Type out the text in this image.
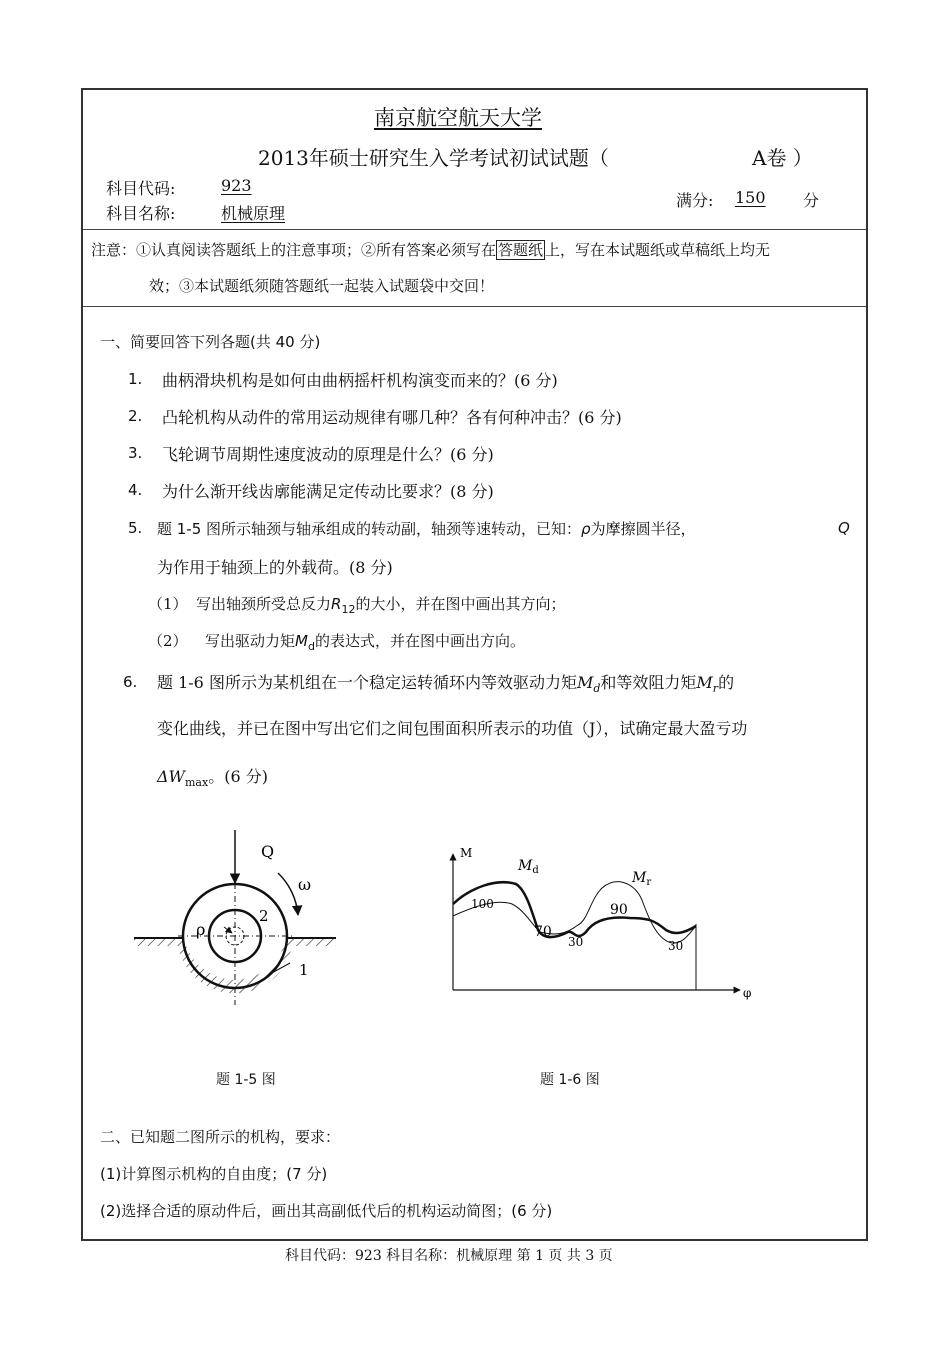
南京航空航天大学
2013年硕士研究生入学考试初试试题（	A卷 ）
科目代码:	923
科目名称:	机械原理
满分: 150 分
注意：①认真阅读答题纸上的注意事项；②所有答案必须写在 答题纸 上，写在本试题纸或草稿纸上均无
效；③本试题纸须随答题纸一起装入试题袋中交回！
一、简要回答下列各题(共 40 分)
1. 曲柄滑块机构是如何由曲柄摇杆机构演变而来的？(6 分)
2. 凸轮机构从动件的常用运动规律有哪几种？各有何种冲击？(6 分)
3. 飞轮调节周期性速度波动的原理是什么？(6 分)
4. 为什么渐开线齿廓能满足定传动比要求？(8 分)
5. 题 1-5 图所示轴颈与轴承组成的转动副，轴颈等速转动，已知：ρ为摩擦圆半径，	Q
为作用于轴颈上的外载荷。(8 分)
（1） 写出轴颈所受总反力$R_{12}$的大小，并在图中画出其方向；
（2） 写出驱动力矩$M_d$的表达式，并在图中画出方向。
6. 题 1-6 图所示为某机组在一个稳定运转循环内等效驱动力矩$M_d$和等效阻力矩$M_r$的
变化曲线，并已在图中写出它们之间包围面积所表示的功值（J），试确定最大盈亏功
$\Delta W_{max}$。(6 分)
Q
ω
ρ
2
1
题 1-5 图
M
φ
$M_d$	$M_r$
100
70
30
90
30
题 1-6 图
二、已知题二图所示的机构，要求：
(1)计算图示机构的自由度；(7 分)
(2)选择合适的原动件后，画出其高副低代后的机构运动简图；(6 分)
科目代码：923 科目名称：机械原理 第 1 页 共 3 页
